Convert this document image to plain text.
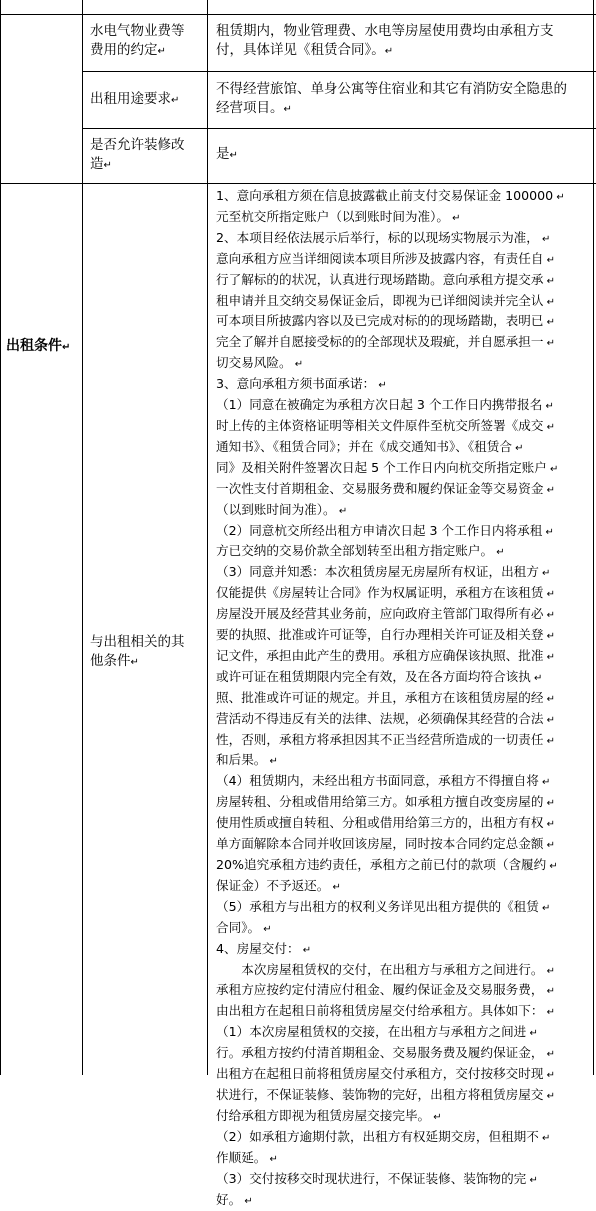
出租条件↵
水电气物业费等
费用的约定↵
租赁期内，物业管理费、水电等房屋使用费均由承租方支
付，具体详见《租赁合同》。↵
出租用途要求↵
不得经营旅馆、单身公寓等住宿业和其它有消防安全隐患的
经营项目。↵
是否允许装修改
造↵
是↵
与出租相关的其
他条件↵
1、意向承租方须在信息披露截止前支付交易保证金 100000 ↵
元至杭交所指定账户（以到账时间为准）。 ↵
2、本项目经依法展示后举行，标的以现场实物展示为准， ↵
意向承租方应当详细阅读本项目所涉及披露内容，有责任自 ↵
行了解标的的状况，认真进行现场踏勘。意向承租方提交承 ↵
租申请并且交纳交易保证金后，即视为已详细阅读并完全认 ↵
可本项目所披露内容以及已完成对标的的现场踏勘，表明已 ↵
完全了解并自愿接受标的的全部现状及瑕疵，并自愿承担一 ↵
切交易风险。 ↵
3、意向承租方须书面承诺： ↵
（1）同意在被确定为承租方次日起 3 个工作日内携带报名 ↵
时上传的主体资格证明等相关文件原件至杭交所签署《成交 ↵
通知书》、《租赁合同》；并在《成交通知书》、《租赁合 ↵
同》及相关附件签署次日起 5 个工作日内向杭交所指定账户 ↵
一次性支付首期租金、交易服务费和履约保证金等交易资金 ↵
（以到账时间为准）。 ↵
（2）同意杭交所经出租方申请次日起 3 个工作日内将承租 ↵
方已交纳的交易价款全部划转至出租方指定账户。 ↵
（3）同意并知悉：本次租赁房屋无房屋所有权证，出租方 ↵
仅能提供《房屋转让合同》作为权属证明，承租方在该租赁 ↵
房屋没开展及经营其业务前，应向政府主管部门取得所有必 ↵
要的执照、批准或许可证等，自行办理相关许可证及相关登 ↵
记文件，承担由此产生的费用。承租方应确保该执照、批准 ↵
或许可证在租赁期限内完全有效，及在各方面均符合该执 ↵
照、批准或许可证的规定。并且，承租方在该租赁房屋的经 ↵
营活动不得违反有关的法律、法规，必须确保其经营的合法 ↵
性，否则，承租方将承担因其不正当经营所造成的一切责任 ↵
和后果。 ↵
（4）租赁期内，未经出租方书面同意，承租方不得擅自将 ↵
房屋转租、分租或借用给第三方。如承租方擅自改变房屋的 ↵
使用性质或擅自转租、分租或借用给第三方的，出租方有权 ↵
单方面解除本合同并收回该房屋，同时按本合同约定总金额 ↵
20%追究承租方违约责任，承租方之前已付的款项（含履约 ↵
保证金）不予返还。 ↵
（5）承租方与出租方的权利义务详见出租方提供的《租赁 ↵
合同》。 ↵
4、房屋交付： ↵
　　本次房屋租赁权的交付，在出租方与承租方之间进行。 ↵
承租方应按约定付清应付租金、履约保证金及交易服务费， ↵
由出租方在起租日前将租赁房屋交付给承租方。具体如下： ↵
（1）本次房屋租赁权的交接，在出租方与承租方之间进 ↵
行。承租方按约付清首期租金、交易服务费及履约保证金， ↵
出租方在起租日前将租赁房屋交付承租方，交付按移交时现 ↵
状进行，不保证装修、装饰物的完好，出租方将租赁房屋交 ↵
付给承租方即视为租赁房屋交接完毕。 ↵
（2）如承租方逾期付款，出租方有权延期交房，但租期不 ↵
作顺延。 ↵
（3）交付按移交时现状进行，不保证装修、装饰物的完 ↵
好。 ↵
